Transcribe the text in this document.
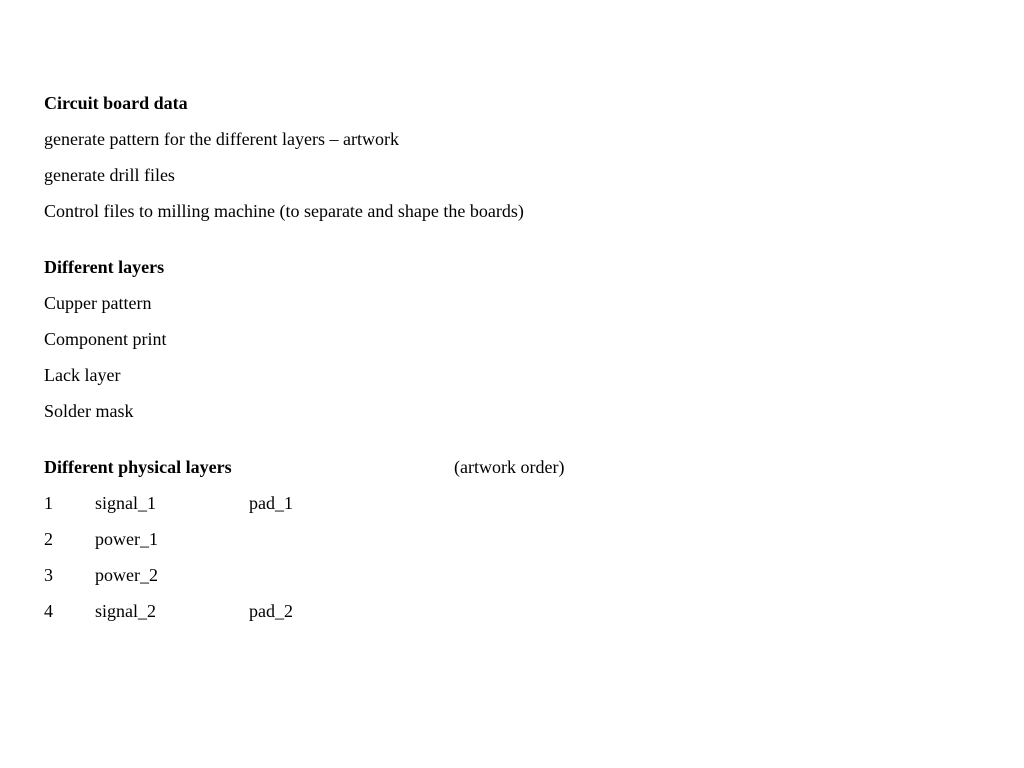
Circuit board data
generate pattern for the different layers – artwork
generate drill files
Control files to milling machine (to separate and shape the boards)
Different layers
Cupper pattern
Component print
Lack layer
Solder mask
Different physical layers	(artwork order)
1 signal_1	pad_1
2 power_1
3 power_2
4 signal_2	pad_2
